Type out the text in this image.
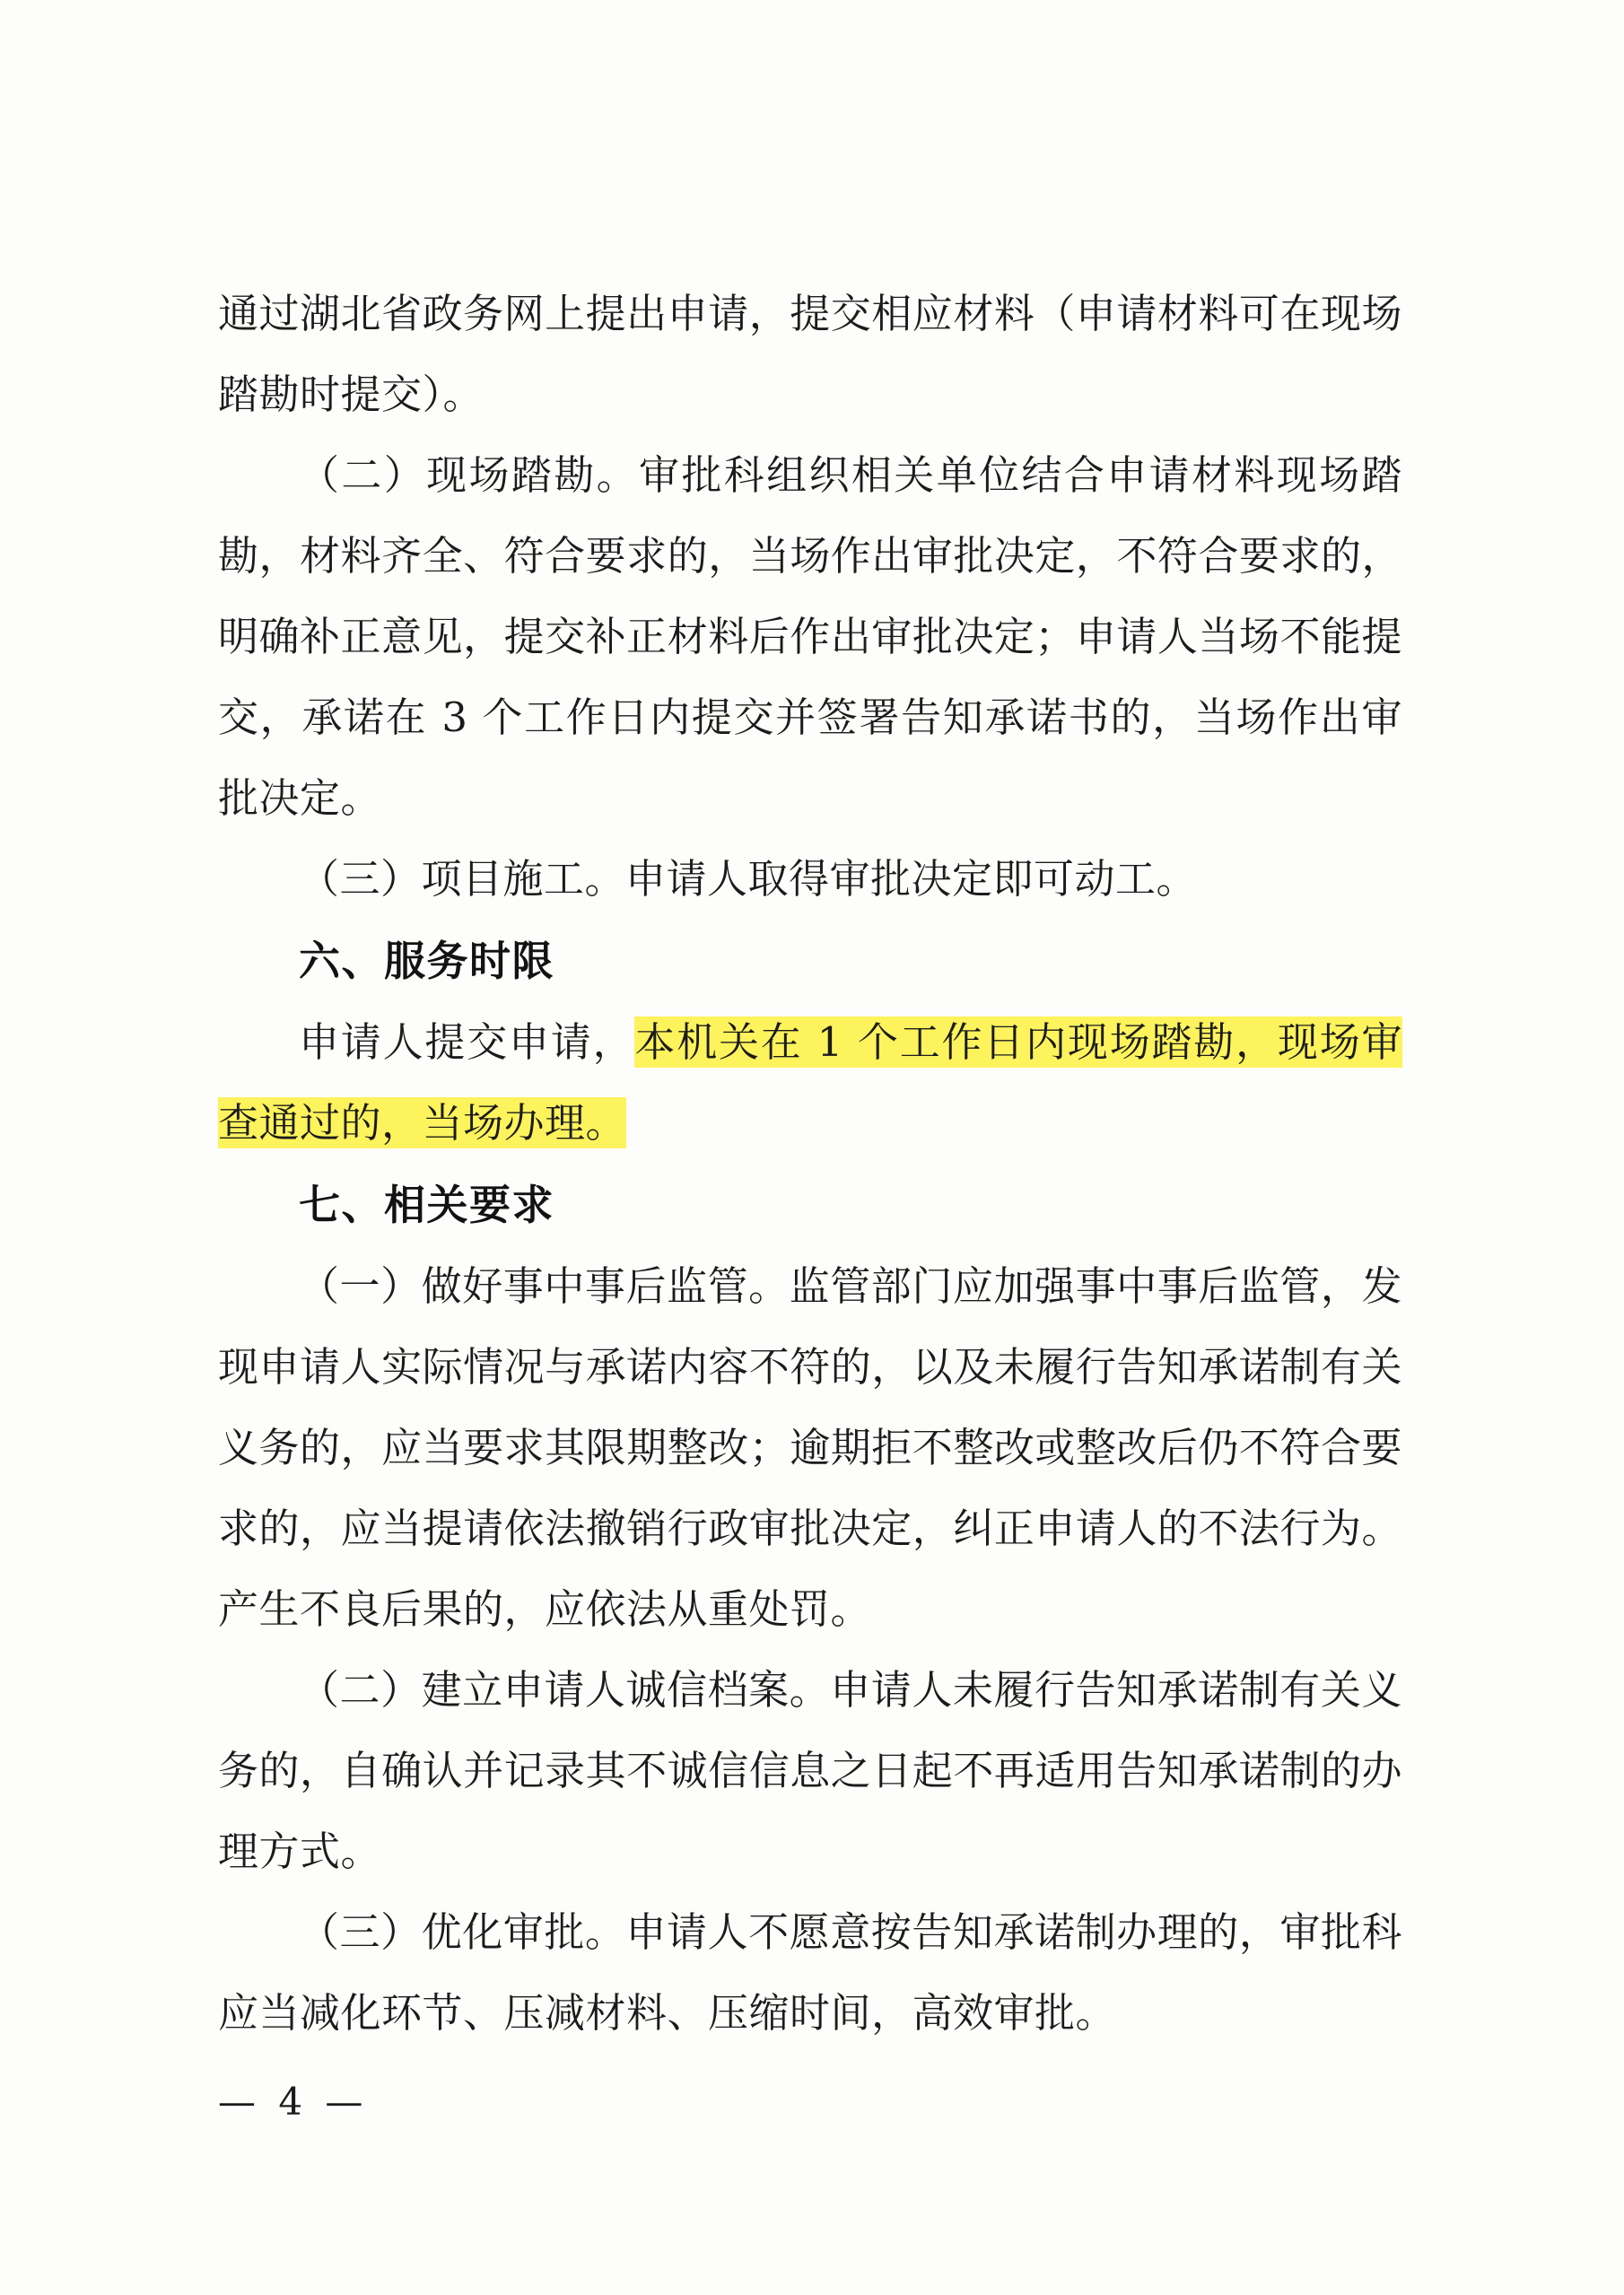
通过湖北省政务网上提出申请，提交相应材料（申请材料可在现场踏勘时提交）。

（二）现场踏勘。审批科组织相关单位结合申请材料现场踏勘，材料齐全、符合要求的，当场作出审批决定，不符合要求的，明确补正意见，提交补正材料后作出审批决定；申请人当场不能提交，承诺在 3 个工作日内提交并签署告知承诺书的，当场作出审批决定。

（三）项目施工。申请人取得审批决定即可动工。

六、服务时限

申请人提交申请，本机关在 1 个工作日内现场踏勘，现场审查通过的，当场办理。

七、相关要求

（一）做好事中事后监管。监管部门应加强事中事后监管，发现申请人实际情况与承诺内容不符的，以及未履行告知承诺制有关义务的，应当要求其限期整改；逾期拒不整改或整改后仍不符合要求的，应当提请依法撤销行政审批决定，纠正申请人的不法行为。产生不良后果的，应依法从重处罚。

（二）建立申请人诚信档案。申请人未履行告知承诺制有关义务的，自确认并记录其不诚信信息之日起不再适用告知承诺制的办理方式。

（三）优化审批。申请人不愿意按告知承诺制办理的，审批科应当减化环节、压减材料、压缩时间，高效审批。

— 4 —
